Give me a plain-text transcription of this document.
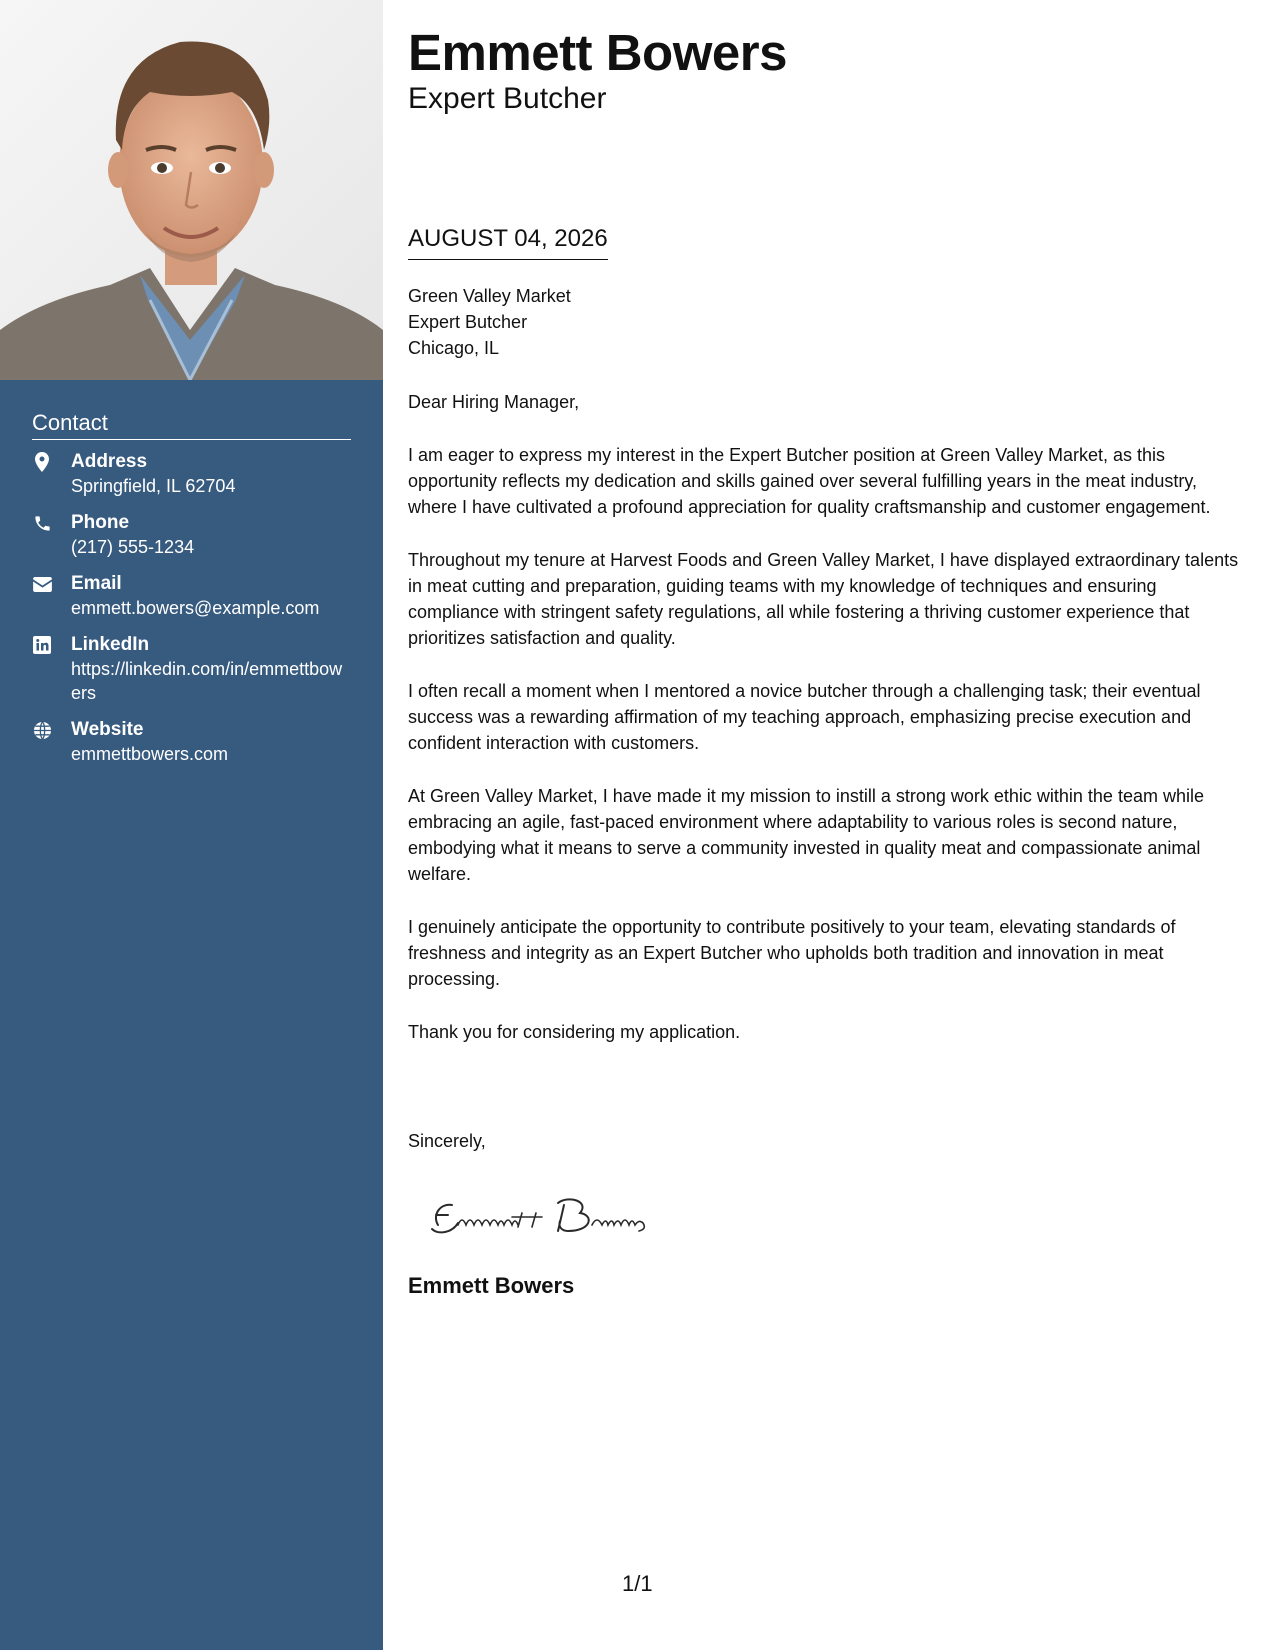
Contact
Address
Springfield, IL 62704
Phone
(217) 555-1234
Email
emmett.bowers@example.com
LinkedIn
https://linkedin.com/in/emmettbowers
Website
emmettbowers.com
Emmett Bowers
Expert Butcher
AUGUST 04, 2026
Green Valley Market
Expert Butcher
Chicago, IL

Dear Hiring Manager,

I am eager to express my interest in the Expert Butcher position at Green Valley Market, as this opportunity reflects my dedication and skills gained over several fulfilling years in the meat industry, where I have cultivated a profound appreciation for quality craftsmanship and customer engagement.

Throughout my tenure at Harvest Foods and Green Valley Market, I have displayed extraordinary talents in meat cutting and preparation, guiding teams with my knowledge of techniques and ensuring compliance with stringent safety regulations, all while fostering a thriving customer experience that prioritizes satisfaction and quality.

I often recall a moment when I mentored a novice butcher through a challenging task; their eventual success was a rewarding affirmation of my teaching approach, emphasizing precise execution and confident interaction with customers.

At Green Valley Market, I have made it my mission to instill a strong work ethic within the team while embracing an agile, fast-paced environment where adaptability to various roles is second nature, embodying what it means to serve a community invested in quality meat and compassionate animal welfare.

I genuinely anticipate the opportunity to contribute positively to your team, elevating standards of freshness and integrity as an Expert Butcher who upholds both tradition and innovation in meat processing.

Thank you for considering my application.

Sincerely,
Emmett Bowers
1/1
